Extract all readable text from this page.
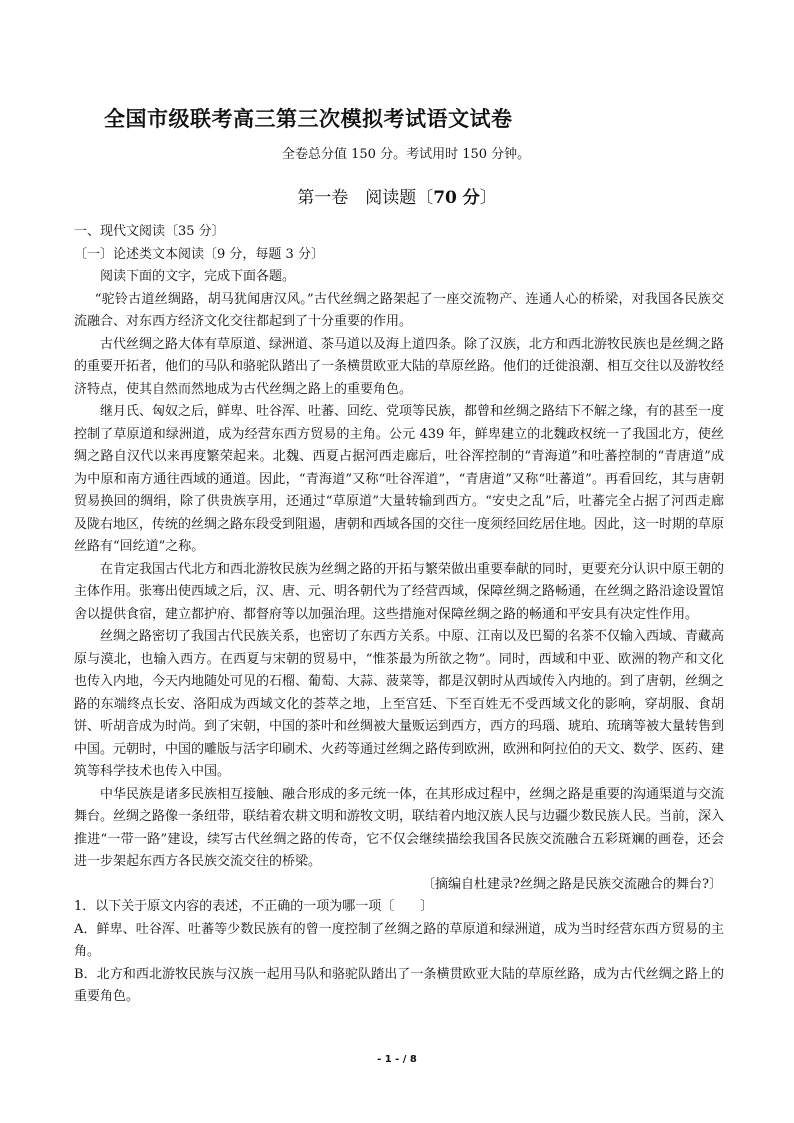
全国市级联考高三第三次模拟考试语文试卷
全卷总分值 150 分。考试用时 150 分钟。
第一卷　阅读题〔70 分〕

一、现代文阅读〔35 分〕

〔一〕论述类文本阅读〔9 分，每题 3 分〕

阅读下面的文字，完成下面各题。

“驼铃古道丝绸路，胡马犹闻唐汉风。”古代丝绸之路架起了一座交流物产、连通人心的桥梁，对我国各民族交流融合、对东西方经济文化交往都起到了十分重要的作用。

古代丝绸之路大体有草原道、绿洲道、茶马道以及海上道四条。除了汉族，北方和西北游牧民族也是丝绸之路的重要开拓者，他们的马队和骆驼队踏出了一条横贯欧亚大陆的草原丝路。他们的迁徙浪潮、相互交往以及游牧经济特点，使其自然而然地成为古代丝绸之路上的重要角色。

继月氏、匈奴之后，鲜卑、吐谷浑、吐蕃、回纥、党项等民族，都曾和丝绸之路结下不解之缘，有的甚至一度控制了草原道和绿洲道，成为经营东西方贸易的主角。公元 439 年，鲜卑建立的北魏政权统一了我国北方，使丝绸之路自汉代以来再度繁荣起来。北魏、西夏占据河西走廊后，吐谷浑控制的“青海道”和吐蕃控制的“青唐道”成为中原和南方通往西域的通道。因此，“青海道”又称“吐谷浑道”，“青唐道”又称“吐蕃道”。再看回纥，其与唐朝贸易换回的绸绢，除了供贵族享用，还通过“草原道”大量转输到西方。“安史之乱”后，吐蕃完全占据了河西走廊及陇右地区，传统的丝绸之路东段受到阻遏，唐朝和西域各国的交往一度须经回纥居住地。因此，这一时期的草原丝路有“回纥道”之称。

在肯定我国古代北方和西北游牧民族为丝绸之路的开拓与繁荣做出重要奉献的同时，更要充分认识中原王朝的主体作用。张骞出使西域之后，汉、唐、元、明各朝代为了经营西域，保障丝绸之路畅通，在丝绸之路沿途设置馆舍以提供食宿，建立都护府、都督府等以加强治理。这些措施对保障丝绸之路的畅通和平安具有决定性作用。

丝绸之路密切了我国古代民族关系，也密切了东西方关系。中原、江南以及巴蜀的名茶不仅输入西域、青藏高原与漠北，也输入西方。在西夏与宋朝的贸易中，“惟茶最为所欲之物”。同时，西域和中亚、欧洲的物产和文化也传入内地，今天内地随处可见的石榴、葡萄、大蒜、菠菜等，都是汉朝时从西域传入内地的。到了唐朝，丝绸之路的东端终点长安、洛阳成为西域文化的荟萃之地，上至宫廷、下至百姓无不受西域文化的影响，穿胡服、食胡饼、听胡音成为时尚。到了宋朝，中国的茶叶和丝绸被大量贩运到西方，西方的玛瑙、琥珀、琉璃等被大量转售到中国。元朝时，中国的雕版与活字印刷术、火药等通过丝绸之路传到欧洲，欧洲和阿拉伯的天文、数学、医药、建筑等科学技术也传入中国。

中华民族是诸多民族相互接触、融合形成的多元统一体，在其形成过程中，丝绸之路是重要的沟通渠道与交流舞台。丝绸之路像一条纽带，联结着农耕文明和游牧文明，联结着内地汉族人民与边疆少数民族人民。当前，深入推进“一带一路”建设，续写古代丝绸之路的传奇，它不仅会继续描绘我国各民族交流融合五彩斑斓的画卷，还会进一步架起东西方各民族交流交往的桥梁。

〔摘编自杜建录?丝绸之路是民族交流融合的舞台?〕

1．以下关于原文内容的表述，不正确的一项为哪一项〔　　〕

A．鲜卑、吐谷浑、吐蕃等少数民族有的曾一度控制了丝绸之路的草原道和绿洲道，成为当时经营东西方贸易的主角。

B．北方和西北游牧民族与汉族一起用马队和骆驼队踏出了一条横贯欧亚大陆的草原丝路，成为古代丝绸之路上的重要角色。

- 1 - / 8
